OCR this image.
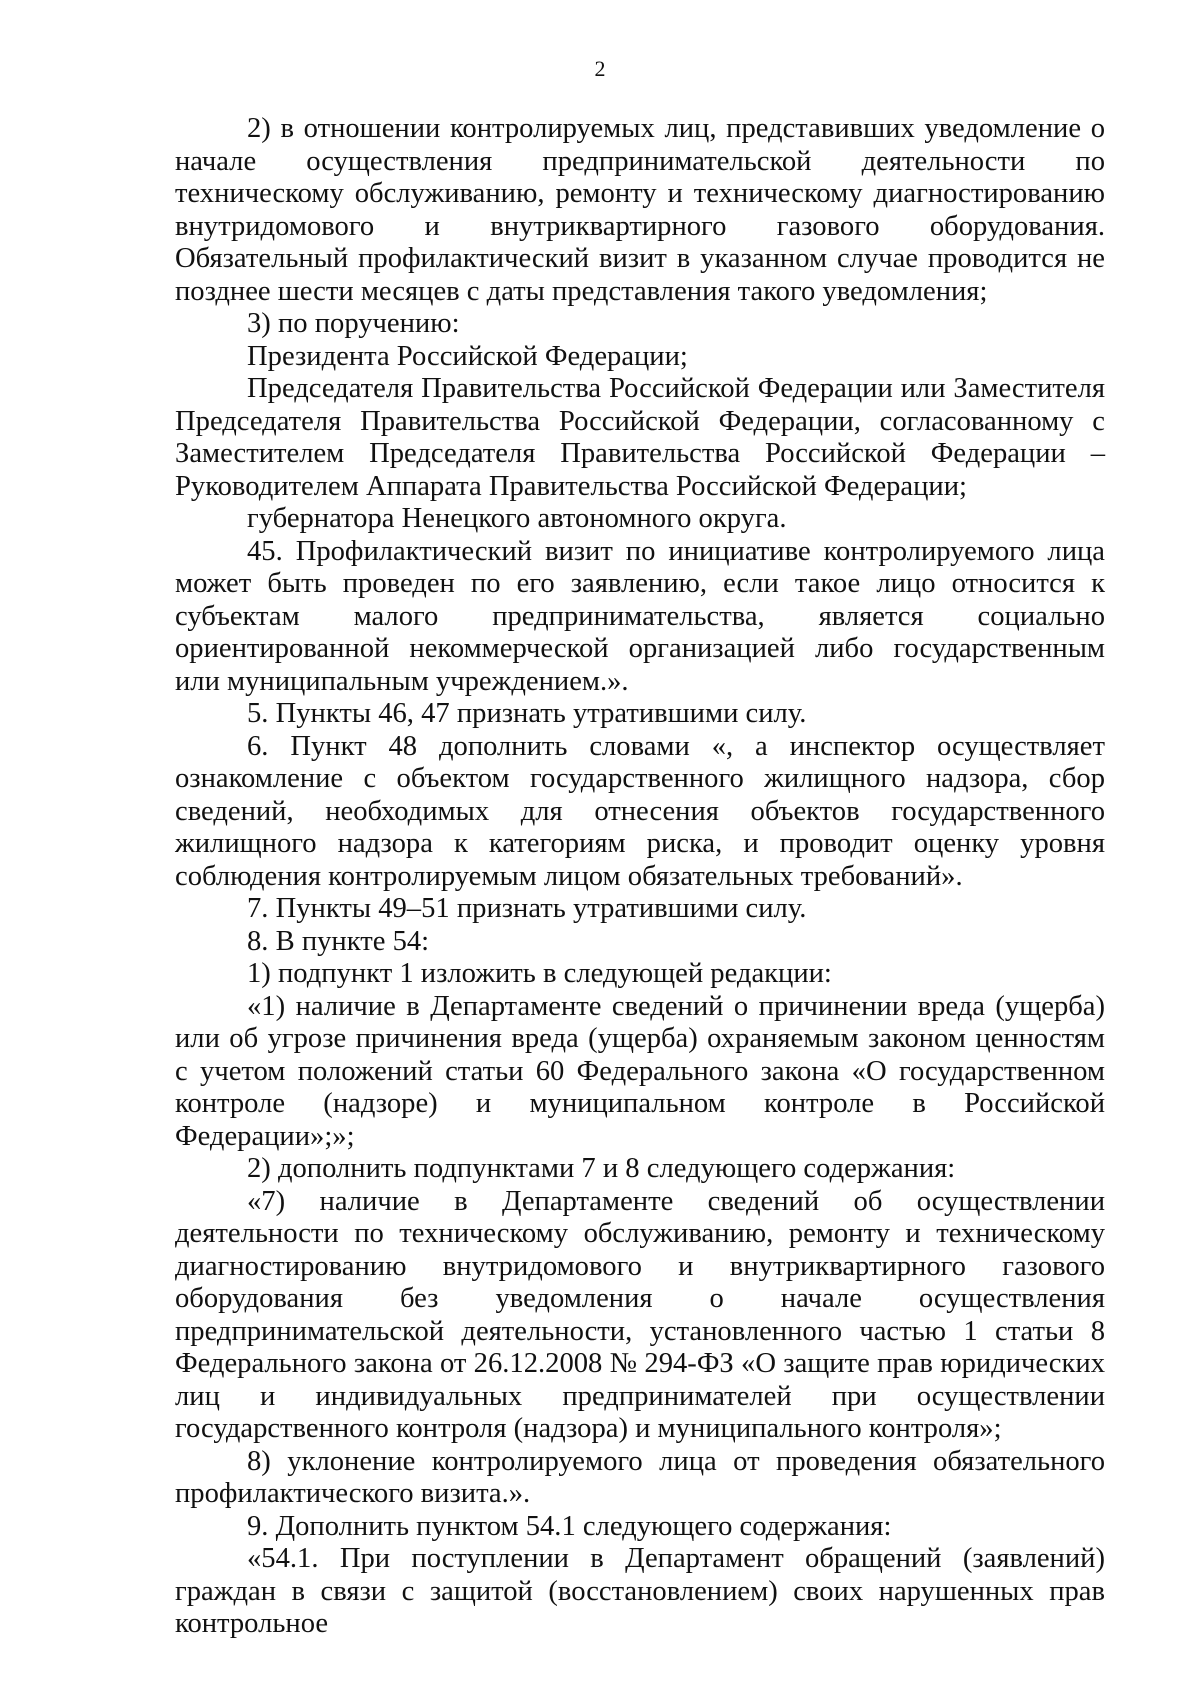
2

2) в отношении контролируемых лиц, представивших уведомление о начале осуществления предпринимательской деятельности по техническому обслуживанию, ремонту и техническому диагностированию внутридомового и внутриквартирного газового оборудования. Обязательный профилактический визит в указанном случае проводится не позднее шести месяцев с даты представления такого уведомления;

3) по поручению:

Президента Российской Федерации;

Председателя Правительства Российской Федерации или Заместителя Председателя Правительства Российской Федерации, согласованному с Заместителем Председателя Правительства Российской Федерации – Руководителем Аппарата Правительства Российской Федерации;

губернатора Ненецкого автономного округа.

45. Профилактический визит по инициативе контролируемого лица может быть проведен по его заявлению, если такое лицо относится к субъектам малого предпринимательства, является социально ориентированной некоммерческой организацией либо государственным или муниципальным учреждением.».

5. Пункты 46, 47 признать утратившими силу.

6. Пункт 48 дополнить словами «, а инспектор осуществляет ознакомление с объектом государственного жилищного надзора, сбор сведений, необходимых для отнесения объектов государственного жилищного надзора к категориям риска, и проводит оценку уровня соблюдения контролируемым лицом обязательных требований».

7. Пункты 49–51 признать утратившими силу.

8. В пункте 54:

1) подпункт 1 изложить в следующей редакции:

«1) наличие в Департаменте сведений о причинении вреда (ущерба) или об угрозе причинения вреда (ущерба) охраняемым законом ценностям с учетом положений статьи 60 Федерального закона «О государственном контроле (надзоре) и муниципальном контроле в Российской Федерации»;»;

2) дополнить подпунктами 7 и 8 следующего содержания:

«7) наличие в Департаменте сведений об осуществлении деятельности по техническому обслуживанию, ремонту и техническому диагностированию внутридомового и внутриквартирного газового оборудования без уведомления о начале осуществления предпринимательской деятельности, установленного частью 1 статьи 8 Федерального закона от 26.12.2008 № 294-ФЗ «О защите прав юридических лиц и индивидуальных предпринимателей при осуществлении государственного контроля (надзора) и муниципального контроля»;

8) уклонение контролируемого лица от проведения обязательного профилактического визита.».

9. Дополнить пунктом 54.1 следующего содержания:

«54.1. При поступлении в Департамент обращений (заявлений) граждан в связи с защитой (восстановлением) своих нарушенных прав контрольное
